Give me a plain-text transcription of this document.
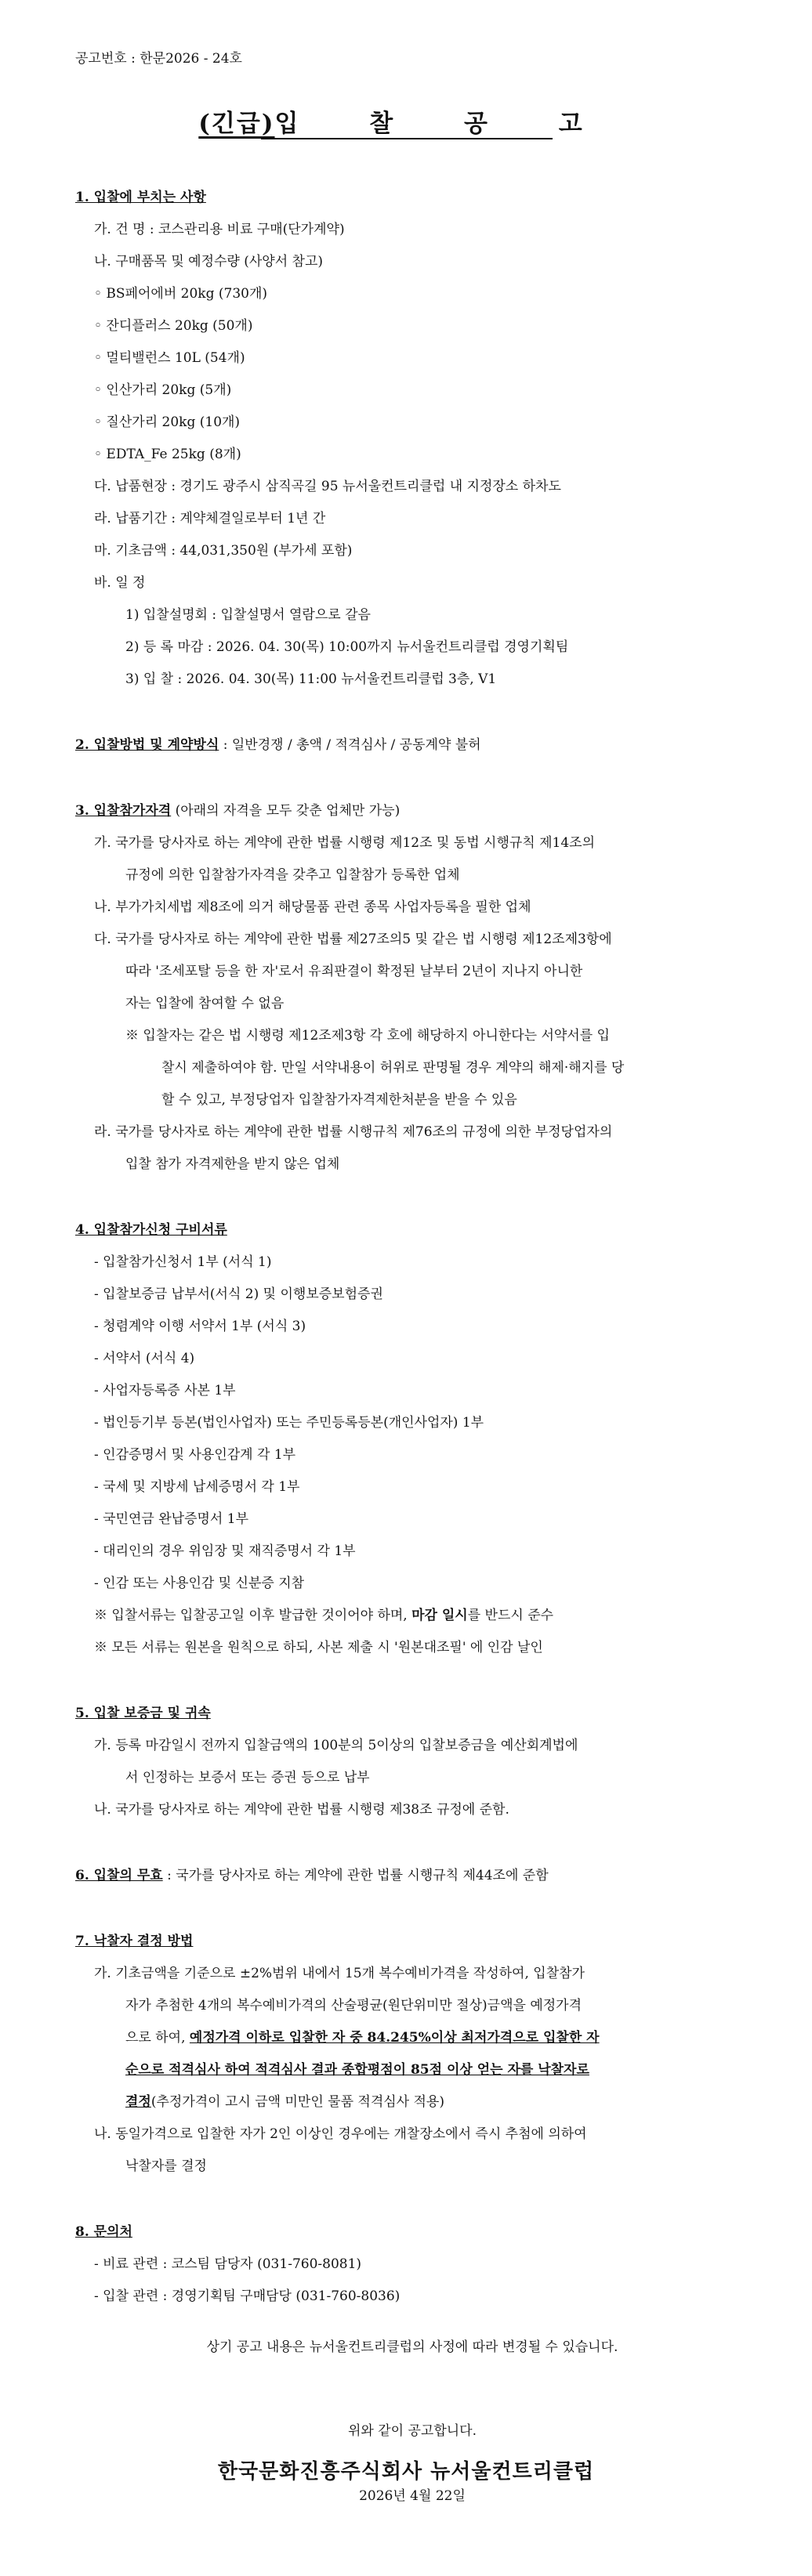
공고번호 : 한문2026 - 24호
(긴급)입 찰 공 고
1. 입찰에 부치는 사항
가. 건 명 : 코스관리용 비료 구매(단가계약)
나. 구매품목 및 예정수량 (사양서 참고)
◦ BS페어에버 20kg (730개)
◦ 잔디플러스 20kg (50개)
◦ 멀티밸런스 10L (54개)
◦ 인산가리 20kg (5개)
◦ 질산가리 20kg (10개)
◦ EDTA_Fe 25kg (8개)
다. 납품현장 : 경기도 광주시 삼직곡길 95 뉴서울컨트리클럽 내 지정장소 하차도
라. 납품기간 : 계약체결일로부터 1년 간
마. 기초금액 : 44,031,350원 (부가세 포함)
바. 일 정
1) 입찰설명회 : 입찰설명서 열람으로 갈음
2) 등 록 마감 : 2026. 04. 30(목) 10:00까지 뉴서울컨트리클럽 경영기획팀
3) 입 찰 : 2026. 04. 30(목) 11:00 뉴서울컨트리클럽 3층, V1
2. 입찰방법 및 계약방식 : 일반경쟁 / 총액 / 적격심사 / 공동계약 불허
3. 입찰참가자격 (아래의 자격을 모두 갖춘 업체만 가능)
가. 국가를 당사자로 하는 계약에 관한 법률 시행령 제12조 및 동법 시행규칙 제14조의
규정에 의한 입찰참가자격을 갖추고 입찰참가 등록한 업체
나. 부가가치세법 제8조에 의거 해당물품 관련 종목 사업자등록을 필한 업체
다. 국가를 당사자로 하는 계약에 관한 법률 제27조의5 및 같은 법 시행령 제12조제3항에
따라 '조세포탈 등을 한 자'로서 유죄판결이 확정된 날부터 2년이 지나지 아니한
자는 입찰에 참여할 수 없음
※ 입찰자는 같은 법 시행령 제12조제3항 각 호에 해당하지 아니한다는 서약서를 입
찰시 제출하여야 함. 만일 서약내용이 허위로 판명될 경우 계약의 해제·해지를 당
할 수 있고, 부정당업자 입찰참가자격제한처분을 받을 수 있음
라. 국가를 당사자로 하는 계약에 관한 법률 시행규칙 제76조의 규정에 의한 부정당업자의
입찰 참가 자격제한을 받지 않은 업체
4. 입찰참가신청 구비서류
- 입찰참가신청서 1부 (서식 1)
- 입찰보증금 납부서(서식 2) 및 이행보증보험증권
- 청렴계약 이행 서약서 1부 (서식 3)
- 서약서 (서식 4)
- 사업자등록증 사본 1부
- 법인등기부 등본(법인사업자) 또는 주민등록등본(개인사업자) 1부
- 인감증명서 및 사용인감계 각 1부
- 국세 및 지방세 납세증명서 각 1부
- 국민연금 완납증명서 1부
- 대리인의 경우 위임장 및 재직증명서 각 1부
- 인감 또는 사용인감 및 신분증 지참
※ 입찰서류는 입찰공고일 이후 발급한 것이어야 하며, 마감 일시를 반드시 준수
※ 모든 서류는 원본을 원칙으로 하되, 사본 제출 시 '원본대조필' 에 인감 날인
5. 입찰 보증금 및 귀속
가. 등록 마감일시 전까지 입찰금액의 100분의 5이상의 입찰보증금을 예산회계법에
서 인정하는 보증서 또는 증권 등으로 납부
나. 국가를 당사자로 하는 계약에 관한 법률 시행령 제38조 규정에 준함.
6. 입찰의 무효 : 국가를 당사자로 하는 계약에 관한 법률 시행규칙 제44조에 준함
7. 낙찰자 결정 방법
가. 기초금액을 기준으로 ±2%범위 내에서 15개 복수예비가격을 작성하여, 입찰참가
자가 추첨한 4개의 복수예비가격의 산술평균(원단위미만 절상)금액을 예정가격
으로 하여, 예정가격 이하로 입찰한 자 중 84.245%이상 최저가격으로 입찰한 자
순으로 적격심사 하여 적격심사 결과 종합평점이 85점 이상 얻는 자를 낙찰자로
결정(추정가격이 고시 금액 미만인 물품 적격심사 적용)
나. 동일가격으로 입찰한 자가 2인 이상인 경우에는 개찰장소에서 즉시 추첨에 의하여
낙찰자를 결정
8. 문의처
- 비료 관련 : 코스팀 담당자 (031-760-8081)
- 입찰 관련 : 경영기획팀 구매담당 (031-760-8036)
상기 공고 내용은 뉴서울컨트리클럽의 사정에 따라 변경될 수 있습니다.
위와 같이 공고합니다.
2026년 4월 22일
한국문화진흥주식회사 뉴서울컨트리클럽
